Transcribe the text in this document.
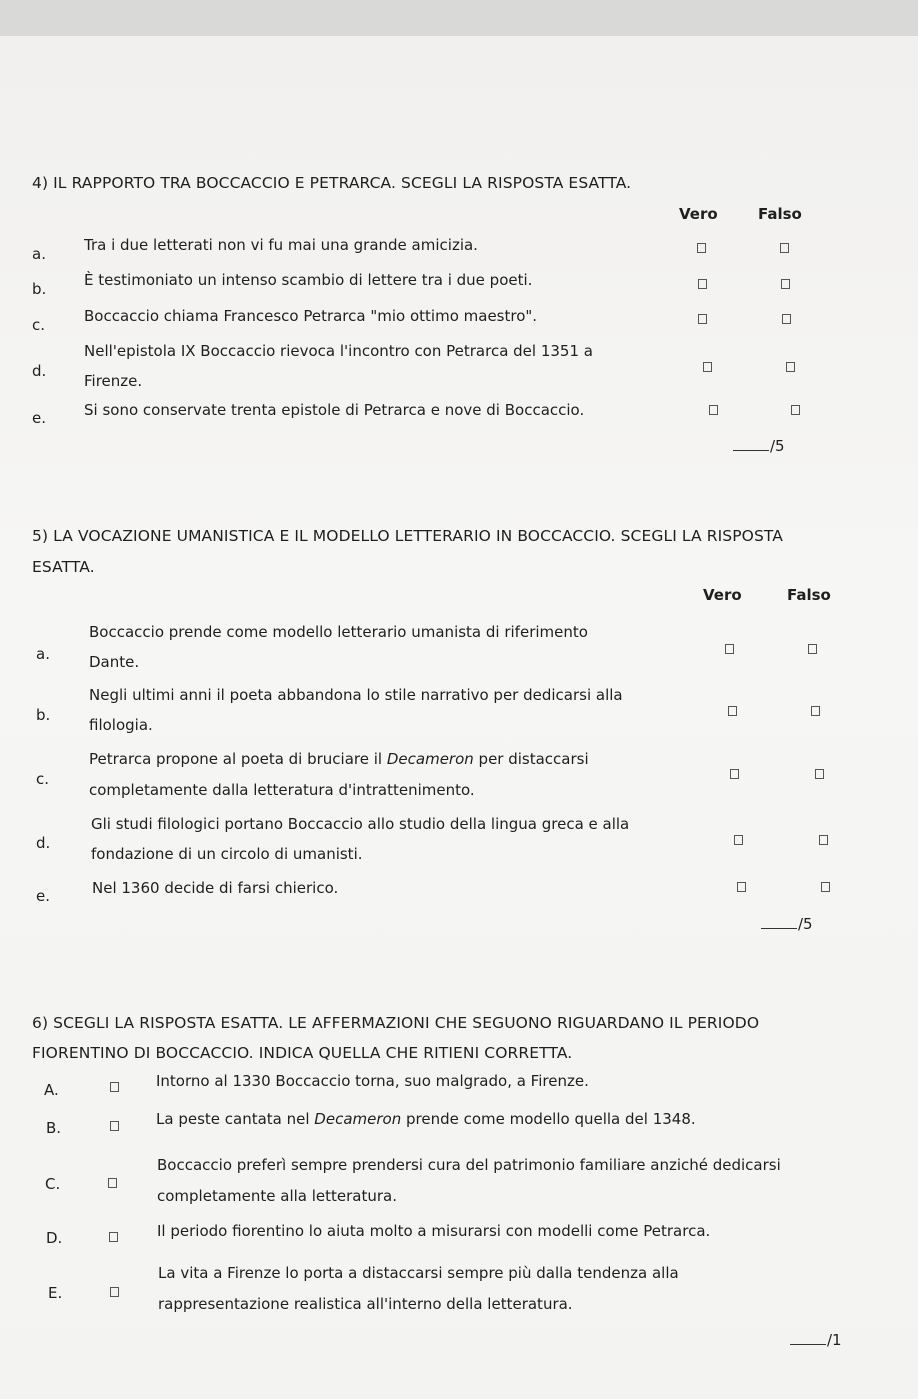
4) IL RAPPORTO TRA BOCCACCIO E PETRARCA. SCEGLI LA RISPOSTA ESATTA.
Vero	Falso
a.	Tra i due letterati non vi fu mai una grande amicizia.
b.	È testimoniato un intenso scambio di lettere tra i due poeti.
c.	Boccaccio chiama Francesco Petrarca "mio ottimo maestro".
d.
Nell'epistola IX Boccaccio rievoca l'incontro con Petrarca del 1351 a
Firenze.
e.	Si sono conservate trenta epistole di Petrarca e nove di Boccaccio.
/5
5) LA VOCAZIONE UMANISTICA E IL MODELLO LETTERARIO IN BOCCACCIO. SCEGLI LA RISPOSTA
ESATTA.
Vero	Falso
a.
Boccaccio prende come modello letterario umanista di riferimento
Dante.
b.
Negli ultimi anni il poeta abbandona lo stile narrativo per dedicarsi alla
filologia.
c.
Petrarca propone al poeta di bruciare il Decameron per distaccarsi
completamente dalla letteratura d'intrattenimento.
d.
Gli studi filologici portano Boccaccio allo studio della lingua greca e alla
fondazione di un circolo di umanisti.
e.	Nel 1360 decide di farsi chierico.
/5
6) SCEGLI LA RISPOSTA ESATTA. LE AFFERMAZIONI CHE SEGUONO RIGUARDANO IL PERIODO
FIORENTINO DI BOCCACCIO. INDICA QUELLA CHE RITIENI CORRETTA.
A.	Intorno al 1330 Boccaccio torna, suo malgrado, a Firenze.
B.	La peste cantata nel Decameron prende come modello quella del 1348.
C.
Boccaccio preferì sempre prendersi cura del patrimonio familiare anziché dedicarsi
completamente alla letteratura.
D.	Il periodo fiorentino lo aiuta molto a misurarsi con modelli come Petrarca.
E.
La vita a Firenze lo porta a distaccarsi sempre più dalla tendenza alla
rappresentazione realistica all'interno della letteratura.
/1
